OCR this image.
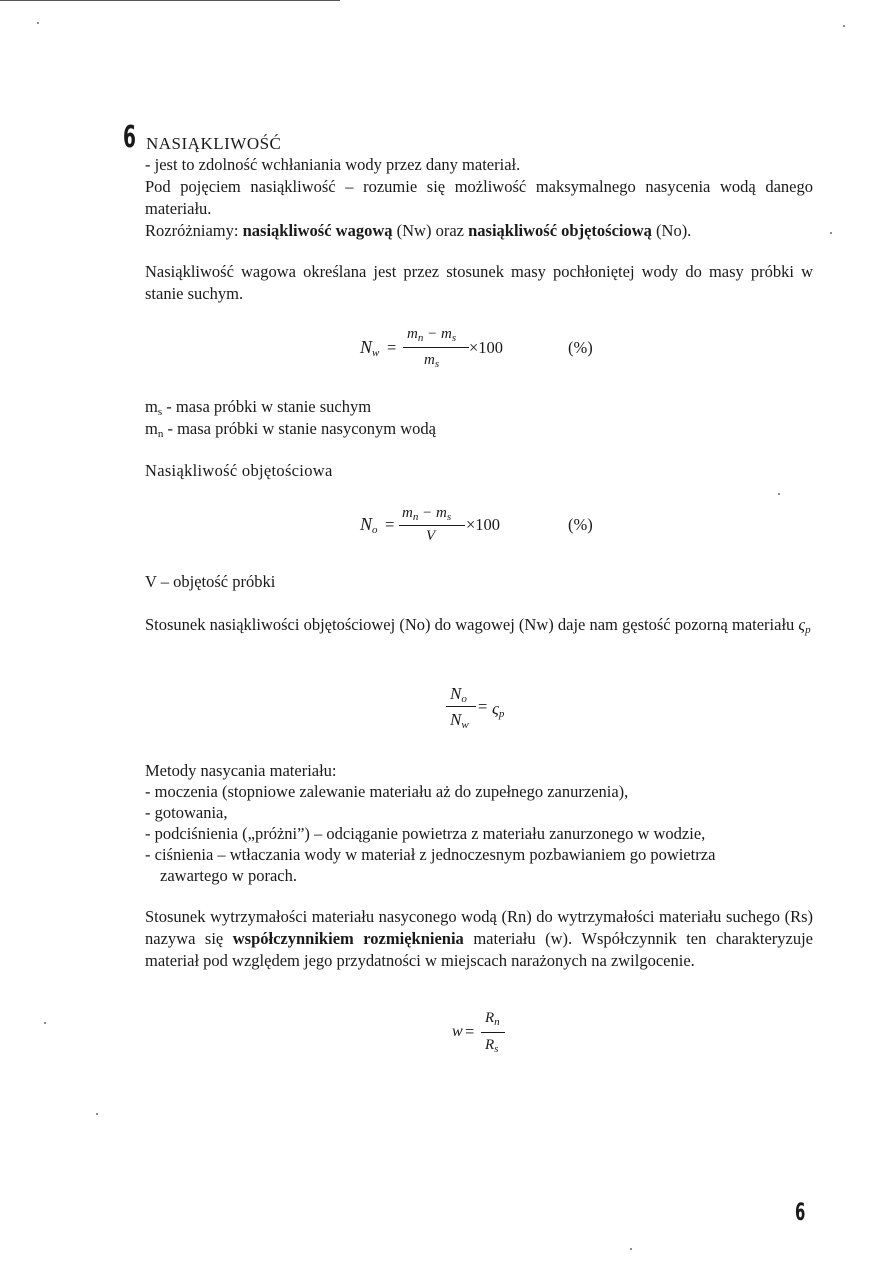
6 NASIĄKLIWOŚĆ
- jest to zdolność wchłaniania wody przez dany materiał.
Pod pojęciem nasiąkliwość – rozumie się możliwość maksymalnego nasycenia wodą danego materiału.
Rozróżniamy: nasiąkliwość wagową (Nw) oraz nasiąkliwość objętościową (No).
Nasiąkliwość wagowa określana jest przez stosunek masy pochłoniętej wody do masy próbki w stanie suchym.
$N_w$ =
$m_n - m_s$
$m_s$
×100	(%)
$m_s$ - masa próbki w stanie suchym
$m_n$ - masa próbki w stanie nasyconym wodą
Nasiąkliwość objętościowa
$N_o$ =
$m_n - m_s$
V
×100	(%)
V – objętość próbki
Stosunek nasiąkliwości objętościowej (No) do wagowej (Nw) daje nam gęstość pozorną materiału $\varsigma_p$
$N_o$
$N_w$
= $\varsigma_p$
Metody nasycania materiału:
- moczenia (stopniowe zalewanie materiału aż do zupełnego zanurzenia),
- gotowania,
- podciśnienia („próżni”) – odciąganie powietrza z materiału zanurzonego w wodzie,
- ciśnienia – wtłaczania wody w materiał z jednoczesnym pozbawianiem go powietrza
zawartego w porach.
Stosunek wytrzymałości materiału nasyconego wodą (Rn) do wytrzymałości materiału suchego (Rs) nazywa się współczynnikiem rozmięknienia materiału (w). Współczynnik ten charakteryzuje materiał pod względem jego przydatności w miejscach narażonych na zwilgocenie.
w =
$R_n$
$R_s$
6
